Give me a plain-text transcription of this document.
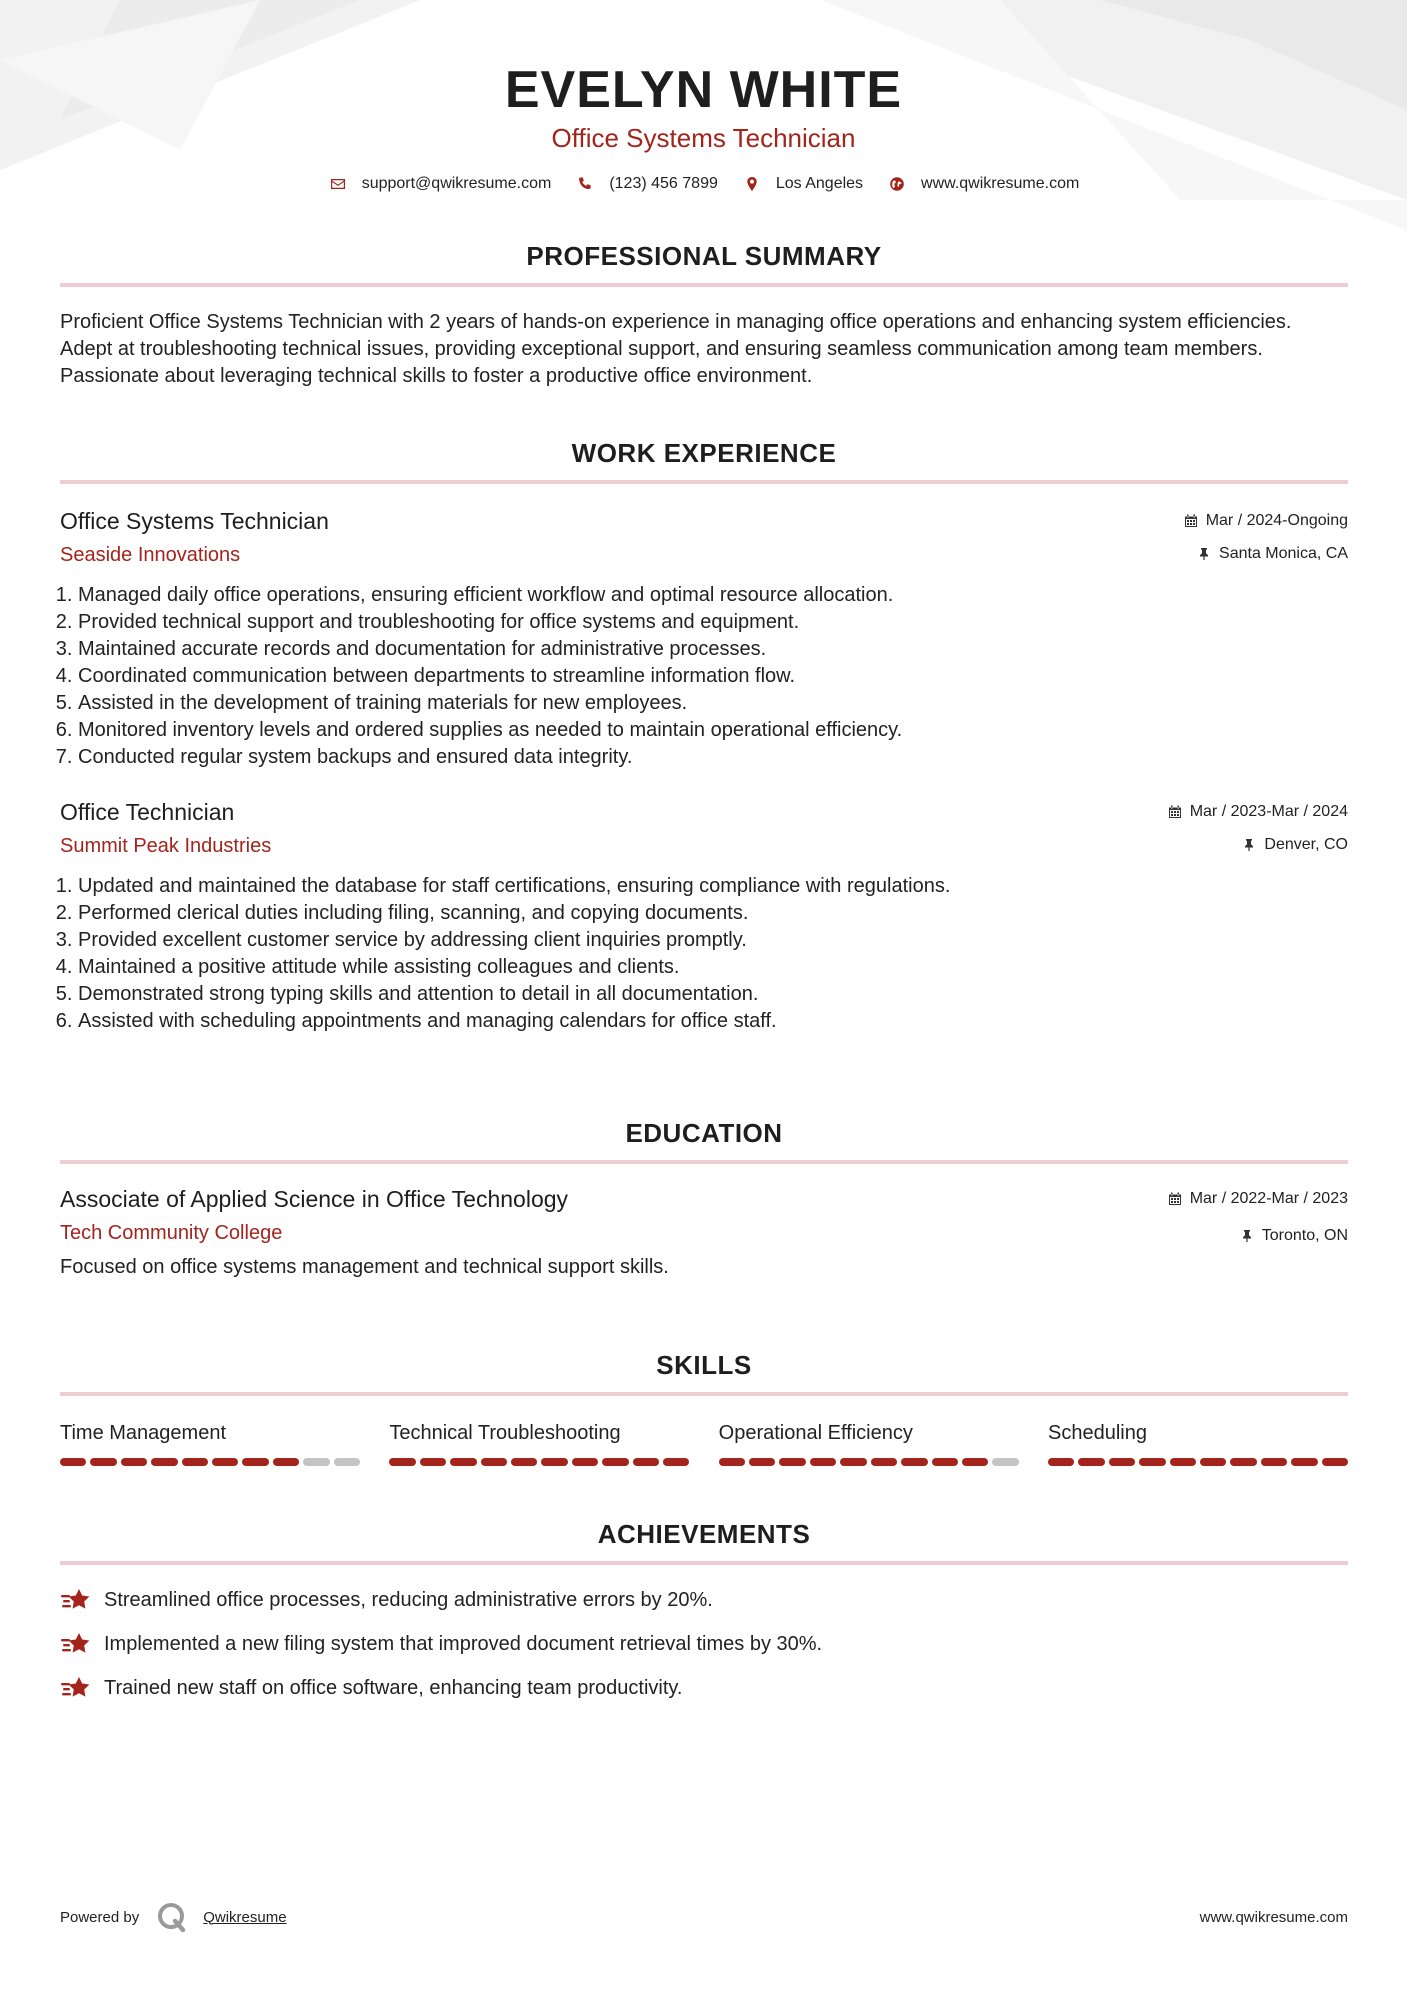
EVELYN WHITE
Office Systems Technician
support@qwikresume.com	(123) 456 7899	Los Angeles	www.qwikresume.com
PROFESSIONAL SUMMARY
Proficient Office Systems Technician with 2 years of hands-on experience in managing office operations and enhancing system efficiencies. Adept at troubleshooting technical issues, providing exceptional support, and ensuring seamless communication among team members. Passionate about leveraging technical skills to foster a productive office environment.
WORK EXPERIENCE
Office Systems Technician
Seaside Innovations
Mar / 2024-Ongoing
Santa Monica, CA
1. Managed daily office operations, ensuring efficient workflow and optimal resource allocation.
2. Provided technical support and troubleshooting for office systems and equipment.
3. Maintained accurate records and documentation for administrative processes.
4. Coordinated communication between departments to streamline information flow.
5. Assisted in the development of training materials for new employees.
6. Monitored inventory levels and ordered supplies as needed to maintain operational efficiency.
7. Conducted regular system backups and ensured data integrity.
Office Technician
Summit Peak Industries
Mar / 2023-Mar / 2024
Denver, CO
1. Updated and maintained the database for staff certifications, ensuring compliance with regulations.
2. Performed clerical duties including filing, scanning, and copying documents.
3. Provided excellent customer service by addressing client inquiries promptly.
4. Maintained a positive attitude while assisting colleagues and clients.
5. Demonstrated strong typing skills and attention to detail in all documentation.
6. Assisted with scheduling appointments and managing calendars for office staff.
EDUCATION
Associate of Applied Science in Office Technology
Tech Community College
Mar / 2022-Mar / 2023
Toronto, ON
Focused on office systems management and technical support skills.
SKILLS
Time Management	Technical Troubleshooting	Operational Efficiency	Scheduling
ACHIEVEMENTS
Streamlined office processes, reducing administrative errors by 20%.
Implemented a new filing system that improved document retrieval times by 30%.
Trained new staff on office software, enhancing team productivity.
Powered by	Qwikresume	www.qwikresume.com
